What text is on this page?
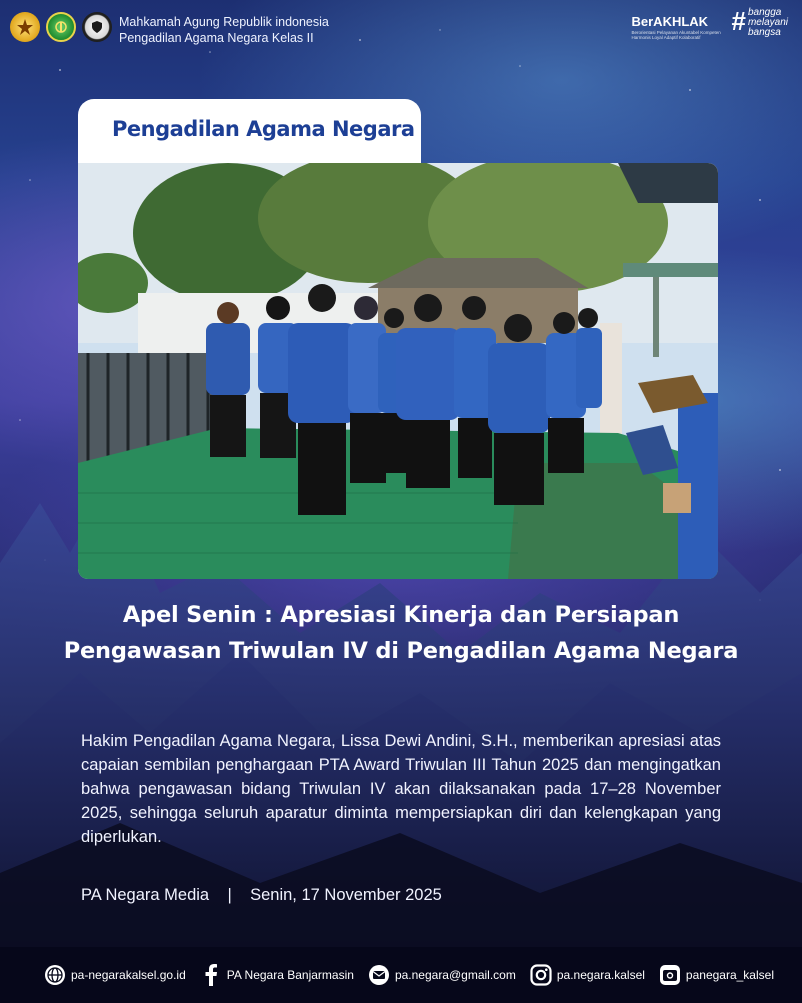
Mahkamah Agung Republik indonesia
Pengadilan Agama Negara Kelas II
BerAKHLAK
Berorientasi Pelayanan Akuntabel Kompeten Harmonis Loyal Adaptif Kolaboratif
# bangga
melayani
bangsa
Pengadilan Agama Negara
Apel Senin : Apresiasi Kinerja dan Persiapan Pengawasan Triwulan IV di Pengadilan Agama Negara
Hakim Pengadilan Agama Negara, Lissa Dewi Andini, S.H., memberikan apresiasi atas capaian sembilan penghargaan PTA Award Triwulan III Tahun 2025 dan mengingatkan bahwa pengawasan bidang Triwulan IV akan dilaksanakan pada 17–28 November 2025, sehingga seluruh aparatur diminta mempersiapkan diri dan kelengkapan yang diperlukan.
PA Negara Media | Senin, 17 November 2025
pa-negarakalsel.go.id	PA Negara Banjarmasin	pa.negara@gmail.com	pa.negara.kalsel	panegara_kalsel
